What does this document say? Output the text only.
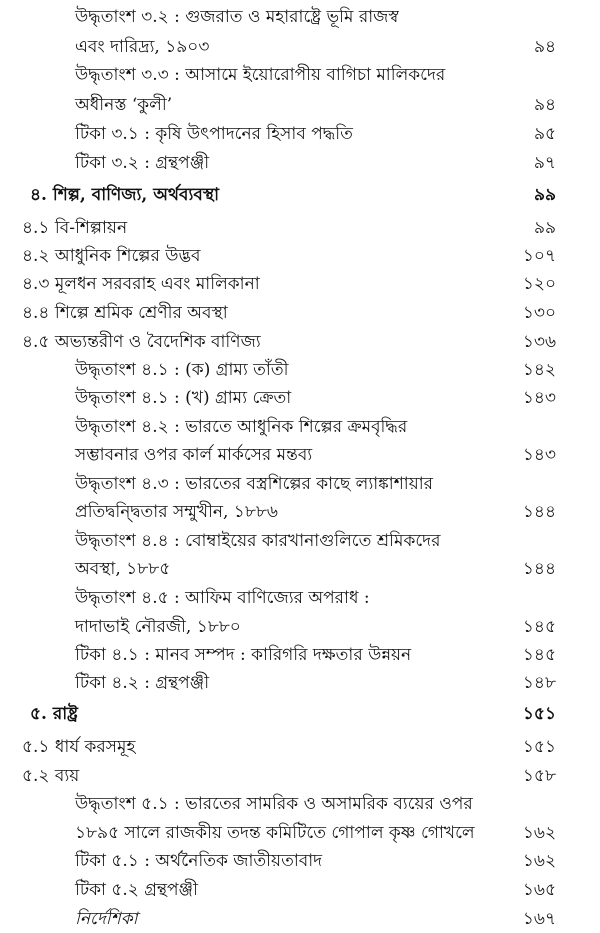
উদ্ধৃতাংশ ৩.২ : গুজরাত ও মহারাষ্ট্রে ভূমি রাজস্ব
এবং দারিদ্র্য, ১৯০৩	৯৪
উদ্ধৃতাংশ ৩.৩ : আসামে ইয়োরোপীয় বাগিচা মালিকদের
অধীনস্ত ‘কুলী’	৯৪
টিকা ৩.১ : কৃষি উৎপাদনের হিসাব পদ্ধতি	৯৫
টিকা ৩.২ : গ্রন্থপঞ্জী	৯৭
৪. শিল্প, বাণিজ্য, অর্থব্যবস্থা	৯৯
৪.১ বি-শিল্পায়ন	৯৯
৪.২ আধুনিক শিল্পের উদ্ভব	১০৭
৪.৩ মূলধন সরবরাহ এবং মালিকানা	১২০
৪.৪ শিল্পে শ্রমিক শ্রেণীর অবস্থা	১৩০
৪.৫ অভ্যন্তরীণ ও বৈদেশিক বাণিজ্য	১৩৬
উদ্ধৃতাংশ ৪.১ : (ক) গ্রাম্য তাঁতী	১৪২
উদ্ধৃতাংশ ৪.১ : (খ) গ্রাম্য ক্রেতা	১৪৩
উদ্ধৃতাংশ ৪.২ : ভারতে আধুনিক শিল্পের ক্রমবৃদ্ধির
সম্ভাবনার ওপর কার্ল মার্কসের মন্তব্য	১৪৩
উদ্ধৃতাংশ ৪.৩ : ভারতের বস্ত্রশিল্পের কাছে ল্যাঙ্কাশায়ার
প্রতিদ্বন্দ্বিতার সম্মুখীন, ১৮৮৬	১৪৪
উদ্ধৃতাংশ ৪.৪ : বোম্বাইয়ের কারখানাগুলিতে শ্রমিকদের
অবস্থা, ১৮৮৫	১৪৪
উদ্ধৃতাংশ ৪.৫ : আফিম বাণিজ্যের অপরাধ :
দাদাভাই নৌরজী, ১৮৮০	১৪৫
টিকা ৪.১ : মানব সম্পদ : কারিগরি দক্ষতার উন্নয়ন	১৪৫
টিকা ৪.২ : গ্রন্থপঞ্জী	১৪৮
৫. রাষ্ট্র	১৫১
৫.১ ধার্য করসমূহ	১৫১
৫.২ ব্যয়	১৫৮
উদ্ধৃতাংশ ৫.১ : ভারতের সামরিক ও অসামরিক ব্যয়ের ওপর
১৮৯৫ সালে রাজকীয় তদন্ত কমিটিতে গোপাল কৃষ্ণ গোখলে	১৬২
টিকা ৫.১ : অর্থনৈতিক জাতীয়তাবাদ	১৬২
টিকা ৫.২ গ্রন্থপঞ্জী	১৬৫
নির্দেশিকা	১৬৭
